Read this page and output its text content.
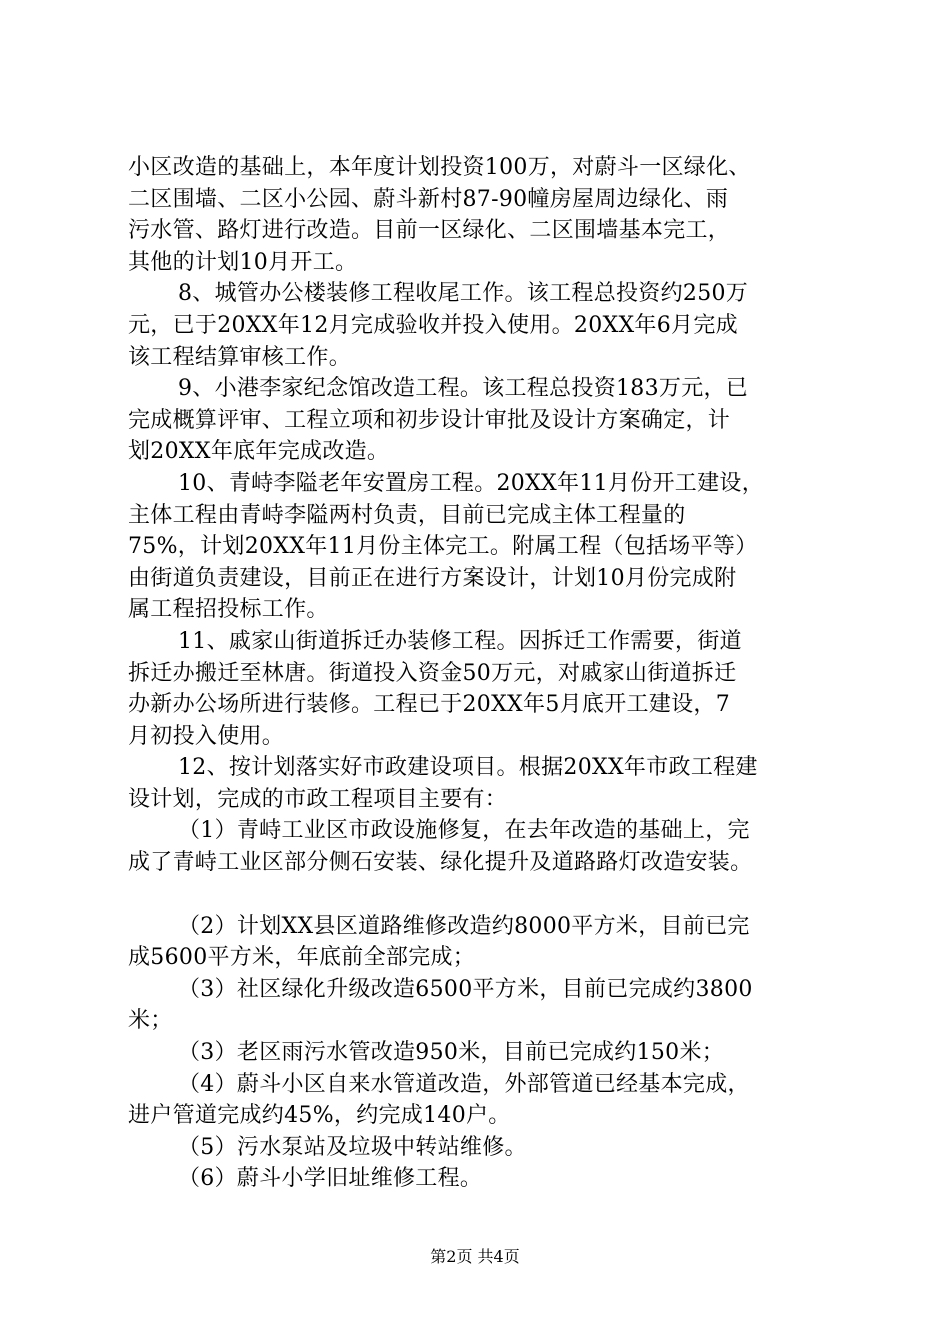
小区改造的基础上，本年度计划投资100万，对蔚斗一区绿化、
二区围墙、二区小公园、蔚斗新村87-90幢房屋周边绿化、雨
污水管、路灯进行改造。目前一区绿化、二区围墙基本完工，
其他的计划10月开工。
8、城管办公楼装修工程收尾工作。该工程总投资约250万
元，已于20XX年12月完成验收并投入使用。20XX年6月完成
该工程结算审核工作。
9、小港李家纪念馆改造工程。该工程总投资183万元，已
完成概算评审、工程立项和初步设计审批及设计方案确定，计
划20XX年底年完成改造。
10、青峙李隘老年安置房工程。20XX年11月份开工建设，
主体工程由青峙李隘两村负责，目前已完成主体工程量的
75%，计划20XX年11月份主体完工。附属工程（包括场平等）
由街道负责建设，目前正在进行方案设计，计划10月份完成附
属工程招投标工作。
11、戚家山街道拆迁办装修工程。因拆迁工作需要，街道
拆迁办搬迁至林唐。街道投入资金50万元，对戚家山街道拆迁
办新办公场所进行装修。工程已于20XX年5月底开工建设，7
月初投入使用。
12、按计划落实好市政建设项目。根据20XX年市政工程建
设计划，完成的市政工程项目主要有：
（1）青峙工业区市政设施修复，在去年改造的基础上，完
成了青峙工业区部分侧石安装、绿化提升及道路路灯改造安装。
（2）计划XX县区道路维修改造约8000平方米，目前已完
成5600平方米，年底前全部完成；
（3）社区绿化升级改造6500平方米，目前已完成约3800
米；
（3）老区雨污水管改造950米，目前已完成约150米；
（4）蔚斗小区自来水管道改造，外部管道已经基本完成，
进户管道完成约45%，约完成140户。
（5）污水泵站及垃圾中转站维修。
（6）蔚斗小学旧址维修工程。
第2页 共4页
